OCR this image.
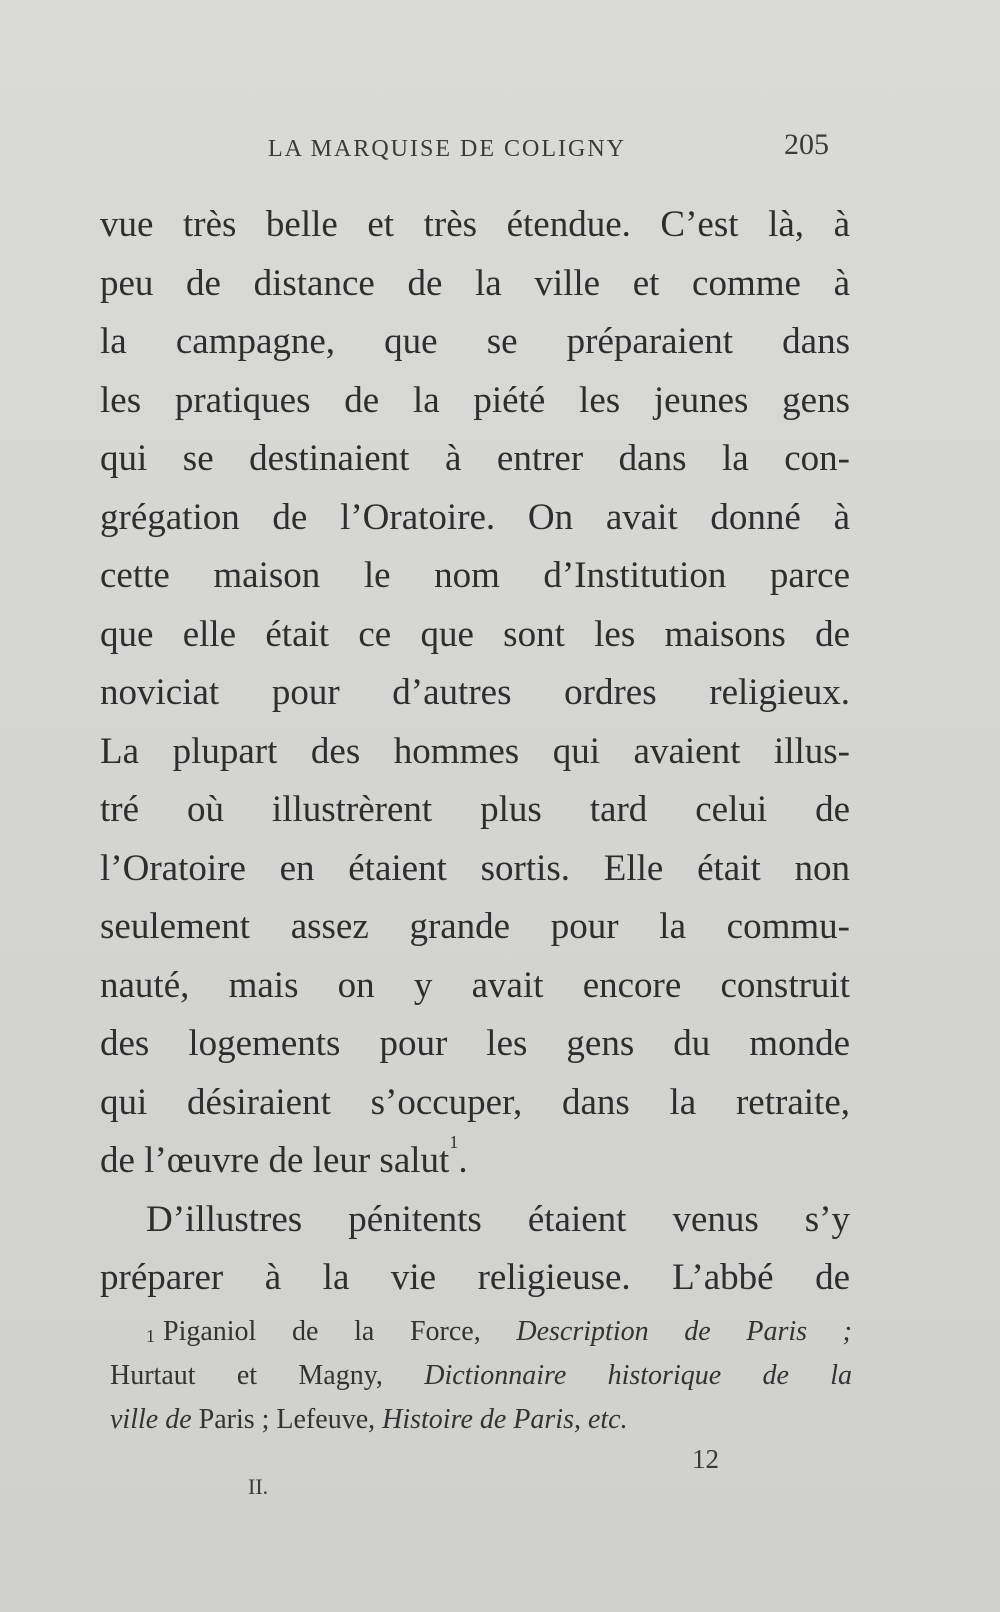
LA MARQUISE DE COLIGNY	205
vue très belle et très étendue. C’est là, à
peu de distance de la ville et comme à
la campagne, que se préparaient dans
les pratiques de la piété les jeunes gens
qui se destinaient à entrer dans la con-
grégation de l’Oratoire. On avait donné à
cette maison le nom d’Institution parce
que elle était ce que sont les maisons de
noviciat pour d’autres ordres religieux.
La plupart des hommes qui avaient illus-
tré où illustrèrent plus tard celui de
l’Oratoire en étaient sortis. Elle était non
seulement assez grande pour la commu-
nauté, mais on y avait encore construit
des logements pour les gens du monde
qui désiraient s’occuper, dans la retraite,
de l’œuvre de leur salut$^1$.
D’illustres pénitents étaient venus s’y
préparer à la vie religieuse. L’abbé de
$^1$ Piganiol de la Force, Description de Paris ;
Hurtaut et Magny, Dictionnaire historique de la
ville de Paris ; Lefeuve, Histoire de Paris, etc.
12
II.
